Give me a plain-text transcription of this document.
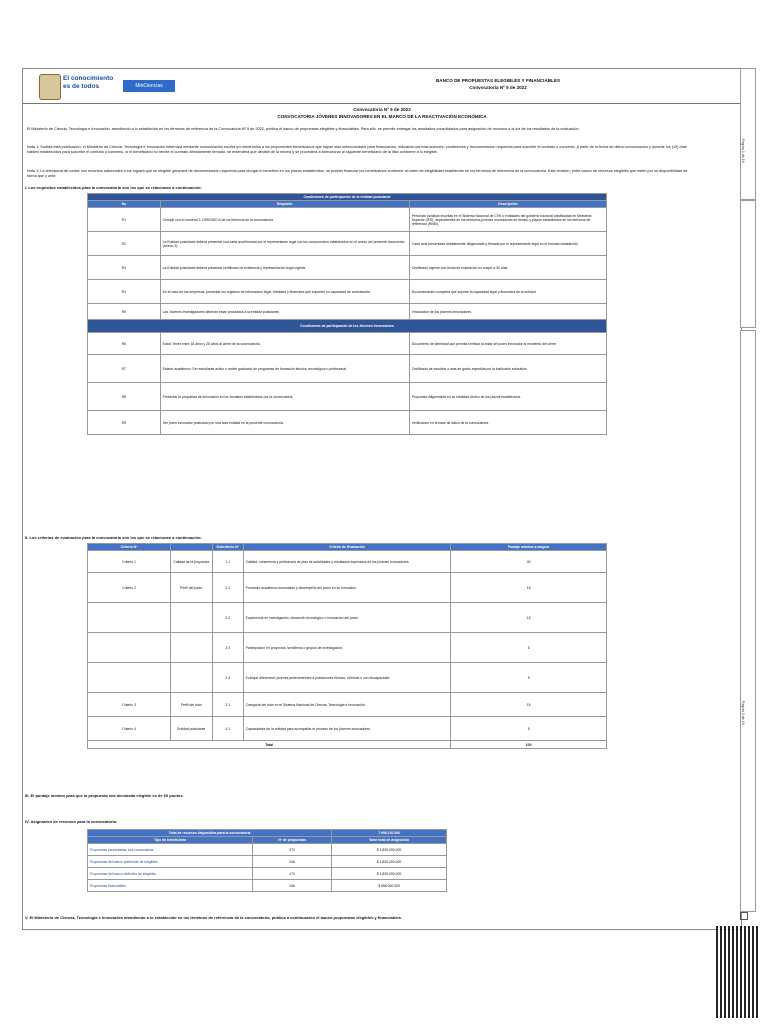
El conocimiento es de todos	MinCiencias
BANCO DE PROPUESTAS ELEGIBLES Y FINANCIABLES
Convocatoria Nº 5 de 2022
Convocatoria Nº 5 de 2022
CONVOCATORIA JÓVENES INNOVADORES EN EL MARCO DE LA REACTIVACIÓN ECONÓMICA
El Ministerio de Ciencia, Tecnología e Innovación, atendiendo a lo establecido en los términos de referencia de la Convocatoria Nº 5 de 2022, publica el banco de propuestas elegibles y financiables. Para ello, se permite entregar los resultados consolidados para asignación de recursos a la luz de los resultados de la evaluación.
Nota 1: Surtida esta publicación, el Ministerio de Ciencia, Tecnología e Innovación informará mediante comunicación escrita y/o electrónica a los proponentes beneficiarios que hayan sido seleccionados para financiación, indicando las instrucciones, condiciones y documentación requerida para suscribir el contrato o convenio. A partir de la fecha de dicha comunicación y durante los (15) días hábiles establecidos para suscribir el contrato o convenio, si el beneficiario no remite el contrato debidamente firmado, se entenderá que desiste de la misma y se procederá a seleccionar al siguiente beneficiario de la lista conforme a lo elegible.
Nota 2: La relevancia de contar con recursos adicionales a los logrará que se elegible generará de documentación requerida para otorgar el beneficio en los plazos establecidos, se podrán financiar los beneficiarios conforme al orden de elegibilidad establecido en los términos de referencia de la convocatoria. Esta revisión, entre banco de recursos elegibles que estén por su disponibilidad de forma que y ante.
I. Los requisitos establecidos para la convocatoria son los que se relacionan a continuación:
Condiciones de participación de la entidad postulante		
No	Requisito	Descripción
R1	Cumplir con el numeral 3. DIRIGIDO A de los términos de la convocatoria	Personas jurídicas inscritas en el Sistema Nacional de CTeI o entidades del gobierno nacional clasificadas en Ministerio Superior (IES), dependientes de los territorios jóvenes innovadores en tiempo y plazos establecidos en los términos de referencia (RNM).
R2	La Entidad postulante deberá presentar una carta aval firmada por el representante legal con los compromisos establecidos en el anexo del presente documento (Anexo 2).	Carta aval presentada debidamente diligenciada y firmada por el representante legal en el formato establecido.
R3	La Entidad postulante deberá presentar certificado de existencia y representación legal vigente.	Certificado vigente con fecha de expedición no mayor a 30 días.
R4	En el caso de las empresas, presentar los registros de información legal, tributaria y financiera que soporten su capacidad de contratación.	Documentación completa que soporte la capacidad legal y financiera de la entidad.
R5	Las Jóvenes Investigadores deberán estar vinculados a la entidad postulante.	Vinculación de los jóvenes innovadores.
Condiciones de participación de los Jóvenes Innovadores		
R6	Edad: Tener entre 18 años y 28 años al cierre de la convocatoria.	Documento de identidad que permita verificar la edad del joven innovador al momento del cierre.
R7	Estado académico: Ser estudiante activo o recién graduado de programas de formación técnica, tecnológica o profesional.	Certificado de estudios o acta de grado expedida por la institución educativa.
R8	Presentar la propuesta de innovación en los formatos establecidos por la convocatoria.	Propuesta diligenciada en su totalidad dentro de los plazos establecidos.
R9	Ser joven innovador postulado por una sola entidad en la presente convocatoria.	Verificación en la base de datos de la convocatoria.
II. Los criterios de evaluación para la convocatoria son los que se relacionan a continuación:
Criterio Nº		Subcriterio Nº	Criterio de Evaluación	Puntaje máximo a asignar
Criterio 1	Calidad de la propuesta	1.1	Calidad, coherencia y pertinencia de plan de actividades y resultados esperados de los jóvenes innovadores.	40
Criterio 2	Perfil del joven	2.1	Promedio académico acumulado y desempeño del joven en su formación.	15
		2.2	Experiencia en investigación, desarrollo tecnológico o innovación del joven.	15
		2.3	Participación en proyectos, semilleros o grupos de investigación.	5
		2.4	Enfoque diferencial: jóvenes pertenecientes a poblaciones étnicas, víctimas o con discapacidad.	5
Criterio 3	Perfil del tutor	3.1	Categoría del tutor en el Sistema Nacional de Ciencia, Tecnología e Innovación.	15
Criterio 4	Entidad postulante	4.1	Capacidades de la entidad para acompañar el proceso de los jóvenes innovadores.	5
Total				100
III. El puntaje mínimo para que la propuesta sea declarada elegible es de 60 puntos.
IV. Asignación de recursos para la convocatoria:
Total de recursos disponibles para la convocatoria		7.998.120.000
Tipo de beneficiario	Nº de propuestas	Valor total de asignación
Propuestas presentadas a la convocatoria	372	$ 1.800.000.000
Propuestas del banco preliminar de elegibles	246	$ 1.800.000.000
Propuestas del banco definitivo de elegibles	170	$ 1.800.000.000
Propuestas financiables	156	$ 698.000.000
V. El Ministerio de Ciencia, Tecnología e Innovación atendiendo a lo establecido en los términos de referencia de la convocatoria, publica a continuación el banco propuestas elegibles y financiables.
Página 1 de 18
Página 3 de 18
